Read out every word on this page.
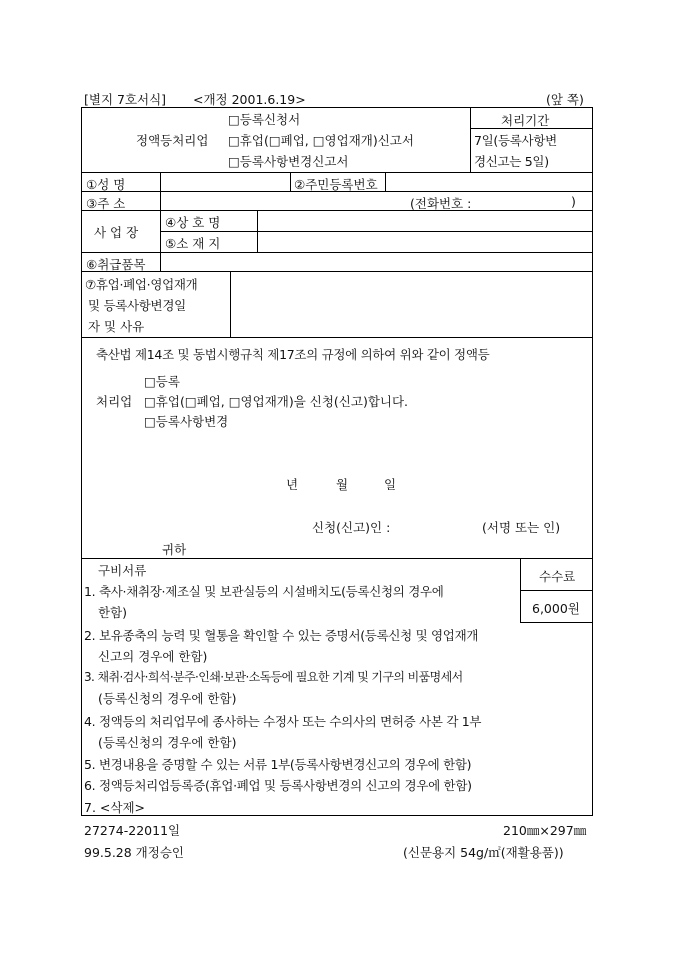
[별지 7호서식] <개정 2001.6.19>	(앞 쪽)
□등록신청서
정액등처리업 □휴업(□폐업, □영업재개)신고서
□등록사항변경신고서
처리기간
7일(등록사항변
경신고는 5일)
①성 명	②주민등록번호
③주 소	(전화번호 :	)
사 업 장
④상 호 명
⑤소 재 지
⑥취급품목
⑦휴업·폐업·영업재개
및 등록사항변경일
자 및 사유
축산법 제14조 및 동법시행규칙 제17조의 규정에 의하여 위와 같이 정액등
□등록
처리업 □휴업(□폐업, □영업재개)을 신청(신고)합니다.
□등록사항변경
년	월	일
신청(신고)인 :	(서명 또는 인)
귀하
구비서류	수수료
6,000원
1. 축사·채취장·제조실 및 보관실등의 시설배치도(등록신청의 경우에
한함)
2. 보유종축의 능력 및 혈통을 확인할 수 있는 증명서(등록신청 및 영업재개
신고의 경우에 한함)
3. 채취·검사·희석·분주·인쇄·보관·소독등에 필요한 기계 및 기구의 비품명세서
(등록신청의 경우에 한함)
4. 정액등의 처리업무에 종사하는 수정사 또는 수의사의 면허증 사본 각 1부
(등록신청의 경우에 한함)
5. 변경내용을 증명할 수 있는 서류 1부(등록사항변경신고의 경우에 한함)
6. 정액등처리업등록증(휴업·폐업 및 등록사항변경의 신고의 경우에 한함)
7. <삭제>
27274-22011일
99.5.28 개정승인
210㎜×297㎜
(신문용지 54g/㎡(재활용품))
